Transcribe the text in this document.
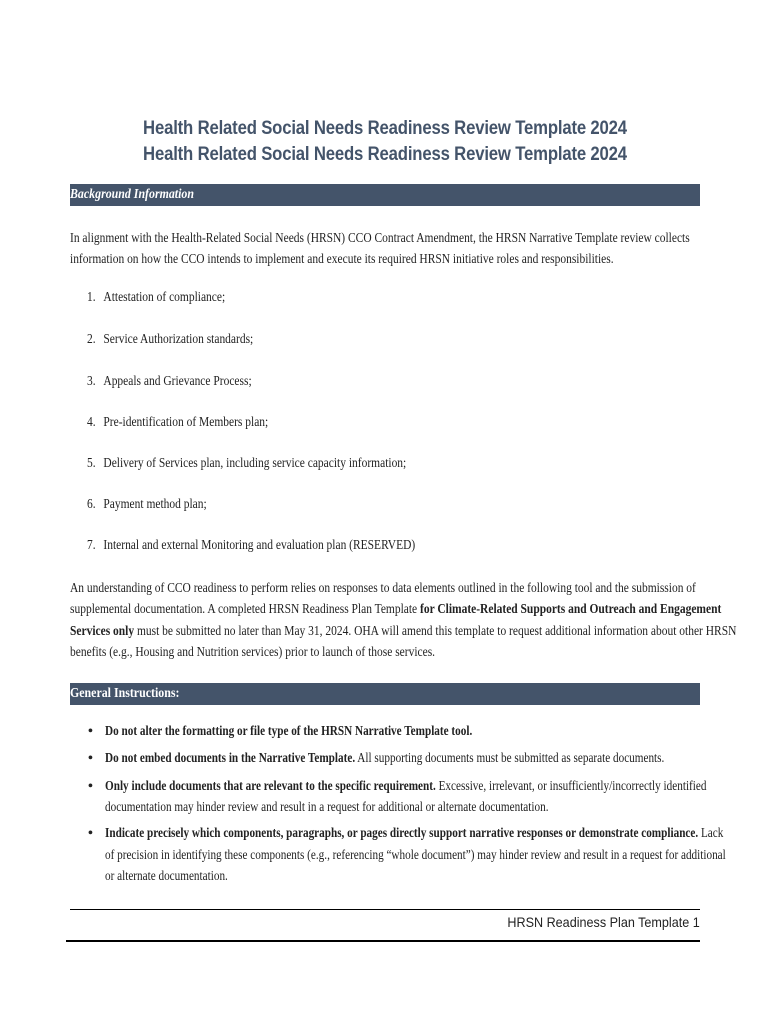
Health Related Social Needs Readiness Review Template 2024
Health Related Social Needs Readiness Review Template 2024
Background Information
In alignment with the Health-Related Social Needs (HRSN) CCO Contract Amendment, the HRSN Narrative Template review collects
information on how the CCO intends to implement and execute its required HRSN initiative roles and responsibilities.
1. Attestation of compliance;
2. Service Authorization standards;
3. Appeals and Grievance Process;
4. Pre-identification of Members plan;
5. Delivery of Services plan, including service capacity information;
6. Payment method plan;
7. Internal and external Monitoring and evaluation plan (RESERVED)
An understanding of CCO readiness to perform relies on responses to data elements outlined in the following tool and the submission of
supplemental documentation. A completed HRSN Readiness Plan Template for Climate-Related Supports and Outreach and Engagement
Services only must be submitted no later than May 31, 2024. OHA will amend this template to request additional information about other HRSN
benefits (e.g., Housing and Nutrition services) prior to launch of those services.
General Instructions:
• Do not alter the formatting or file type of the HRSN Narrative Template tool.
• Do not embed documents in the Narrative Template. All supporting documents must be submitted as separate documents.
• Only include documents that are relevant to the specific requirement. Excessive, irrelevant, or insufficiently/incorrectly identified
documentation may hinder review and result in a request for additional or alternate documentation.
• Indicate precisely which components, paragraphs, or pages directly support narrative responses or demonstrate compliance. Lack
of precision in identifying these components (e.g., referencing “whole document”) may hinder review and result in a request for additional
or alternate documentation.
HRSN Readiness Plan Template 1
